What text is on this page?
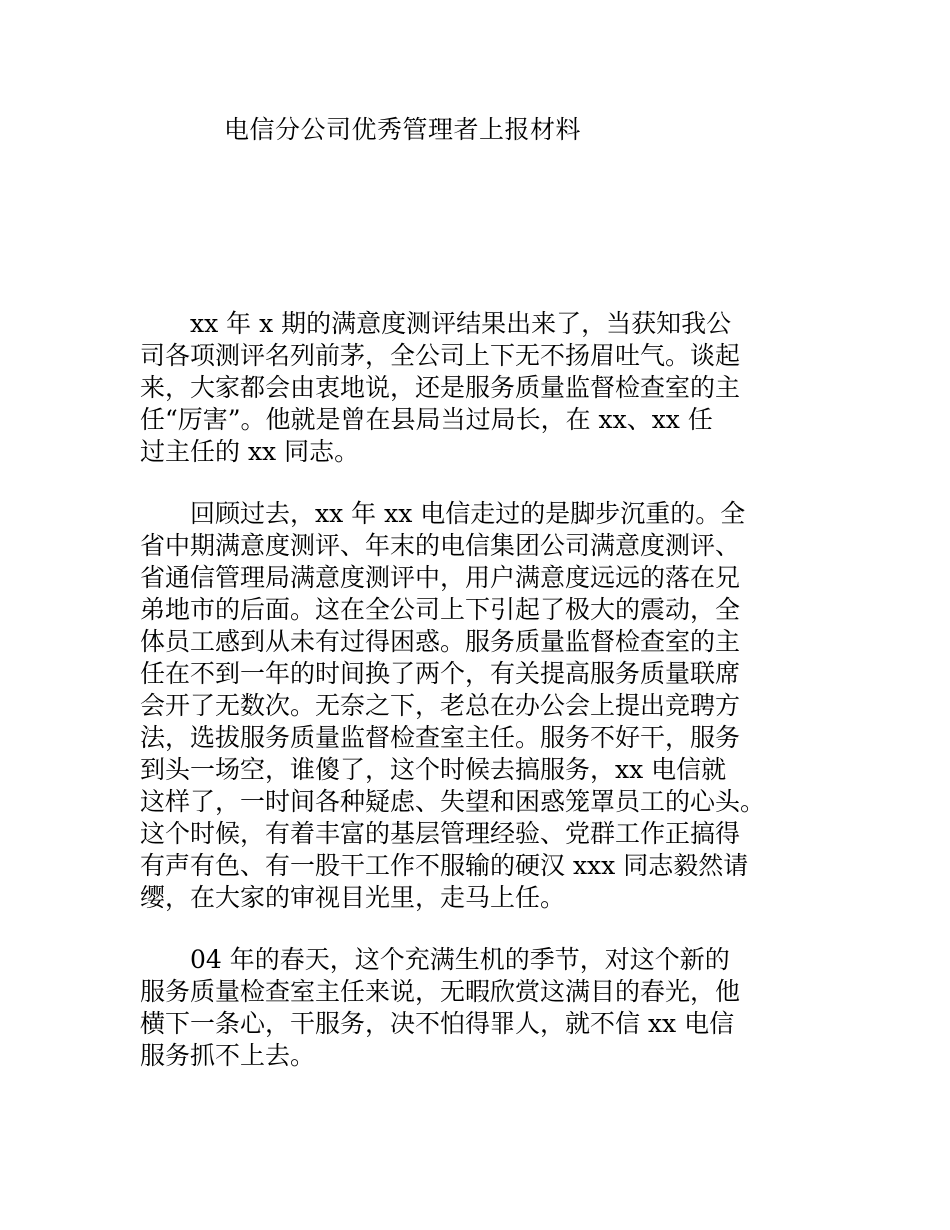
电信分公司优秀管理者上报材料
　　xx 年 x 期的满意度测评结果出来了，当获知我公
司各项测评名列前茅，全公司上下无不扬眉吐气。谈起
来，大家都会由衷地说，还是服务质量监督检查室的主
任“厉害”。他就是曾在县局当过局长，在 xx、xx 任
过主任的 xx 同志。
　　回顾过去，xx 年 xx 电信走过的是脚步沉重的。全
省中期满意度测评、年末的电信集团公司满意度测评、
省通信管理局满意度测评中，用户满意度远远的落在兄
弟地市的后面。这在全公司上下引起了极大的震动，全
体员工感到从未有过得困惑。服务质量监督检查室的主
任在不到一年的时间换了两个，有关提高服务质量联席
会开了无数次。无奈之下，老总在办公会上提出竞聘方
法，选拔服务质量监督检查室主任。服务不好干，服务
到头一场空，谁傻了，这个时候去搞服务，xx 电信就
这样了，一时间各种疑虑、失望和困惑笼罩员工的心头。
这个时候，有着丰富的基层管理经验、党群工作正搞得
有声有色、有一股干工作不服输的硬汉 xxx 同志毅然请
缨，在大家的审视目光里，走马上任。
　　04 年的春天，这个充满生机的季节，对这个新的
服务质量检查室主任来说，无暇欣赏这满目的春光，他
横下一条心，干服务，决不怕得罪人，就不信 xx 电信
服务抓不上去。
